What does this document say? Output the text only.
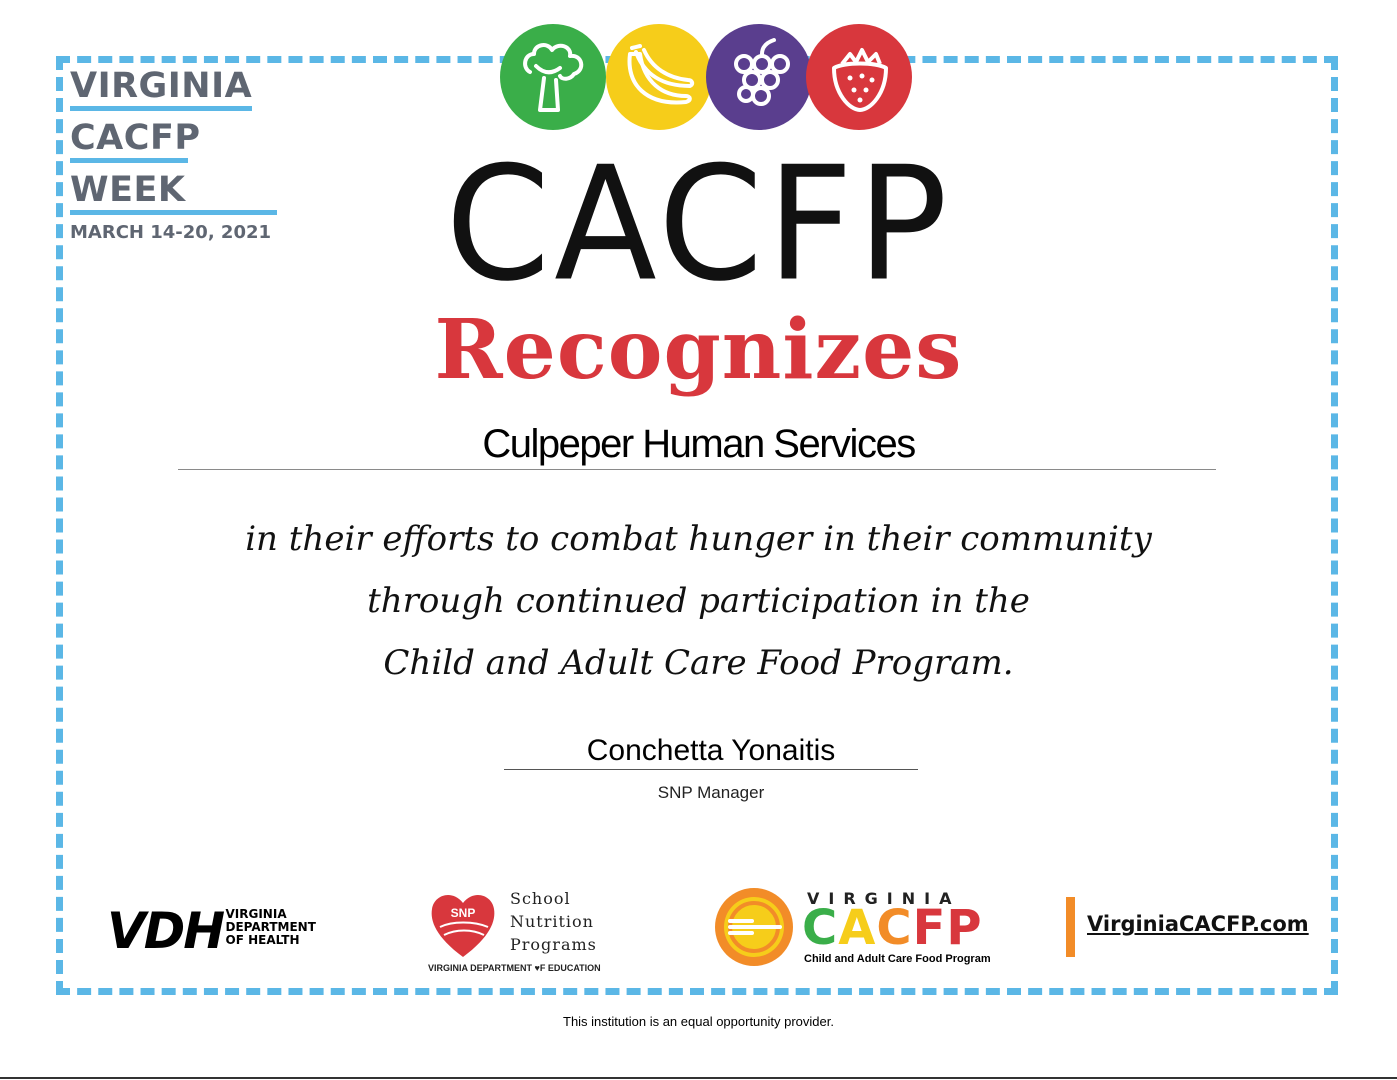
VIRGINIA
CACFP
WEEK
MARCH 14-20, 2021	CACFP
Recognizes
Culpeper Human Services
in their efforts to combat hunger in their community
through continued participation in the
Child and Adult Care Food Program.
Conchetta Yonaitis
SNP Manager
VDH VIRGINIA
DEPARTMENT
OF HEALTH
SNP
School
Nutrition
Programs
VIRGINIA DEPARTMENT ♥F EDUCATION
VIRGINIA
CACFP
Child and Adult Care Food Program
VirginiaCACFP.com
This institution is an equal opportunity provider.
